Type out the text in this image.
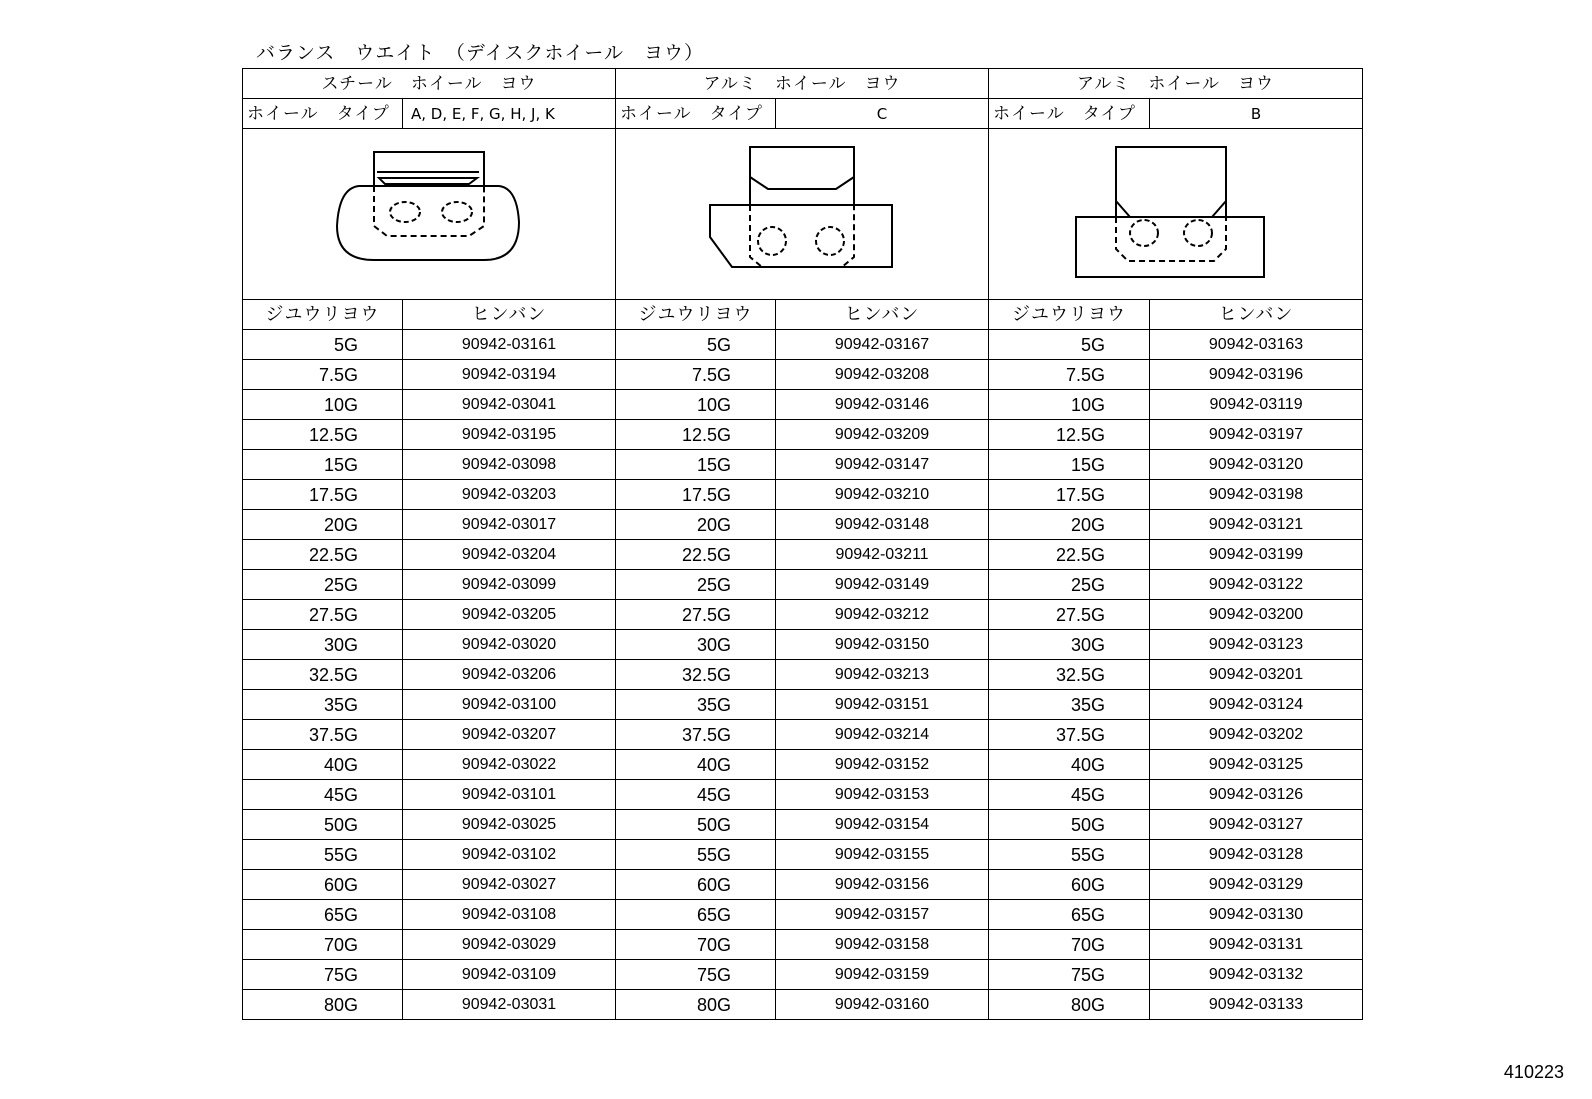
バランス　ウエイト　（デイスクホイール　ヨウ）
スチール　ホイール　ヨウ		アルミ　ホイール　ヨウ		アルミ　ホイール　ヨウ	
ホイール　タイプ	A, D, E, F, G, H, J, K	ホイール　タイプ	C	ホイール　タイプ	B

ジユウリヨウ	ヒンバン	ジユウリヨウ	ヒンバン	ジユウリヨウ	ヒンバン
5G	90942-03161	5G	90942-03167	5G	90942-03163
7.5G	90942-03194	7.5G	90942-03208	7.5G	90942-03196
10G	90942-03041	10G	90942-03146	10G	90942-03119
12.5G	90942-03195	12.5G	90942-03209	12.5G	90942-03197
15G	90942-03098	15G	90942-03147	15G	90942-03120
17.5G	90942-03203	17.5G	90942-03210	17.5G	90942-03198
20G	90942-03017	20G	90942-03148	20G	90942-03121
22.5G	90942-03204	22.5G	90942-03211	22.5G	90942-03199
25G	90942-03099	25G	90942-03149	25G	90942-03122
27.5G	90942-03205	27.5G	90942-03212	27.5G	90942-03200
30G	90942-03020	30G	90942-03150	30G	90942-03123
32.5G	90942-03206	32.5G	90942-03213	32.5G	90942-03201
35G	90942-03100	35G	90942-03151	35G	90942-03124
37.5G	90942-03207	37.5G	90942-03214	37.5G	90942-03202
40G	90942-03022	40G	90942-03152	40G	90942-03125
45G	90942-03101	45G	90942-03153	45G	90942-03126
50G	90942-03025	50G	90942-03154	50G	90942-03127
55G	90942-03102	55G	90942-03155	55G	90942-03128
60G	90942-03027	60G	90942-03156	60G	90942-03129
65G	90942-03108	65G	90942-03157	65G	90942-03130
70G	90942-03029	70G	90942-03158	70G	90942-03131
75G	90942-03109	75G	90942-03159	75G	90942-03132
80G	90942-03031	80G	90942-03160	80G	90942-03133
410223
